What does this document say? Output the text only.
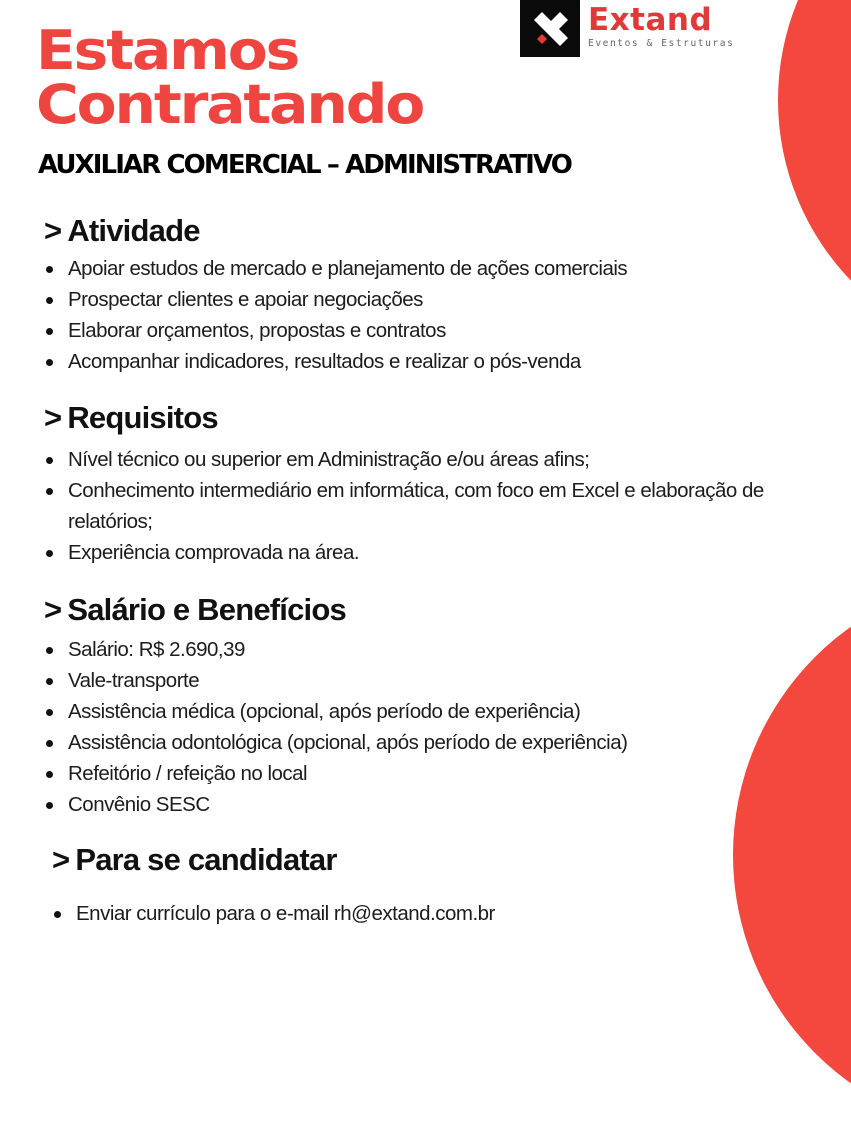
Extand
Eventos & Estruturas
Estamos
Contratando
AUXILIAR COMERCIAL – ADMINISTRATIVO
> Atividade
Apoiar estudos de mercado e planejamento de ações comerciais
Prospectar clientes e apoiar negociações
Elaborar orçamentos, propostas e contratos
Acompanhar indicadores, resultados e realizar o pós-venda
> Requisitos
Nível técnico ou superior em Administração e/ou áreas afins;
Conhecimento intermediário em informática, com foco em Excel e elaboração de relatórios;
Experiência comprovada na área.
> Salário e Benefícios
Salário: R$ 2.690,39
Vale-transporte
Assistência médica (opcional, após período de experiência)
Assistência odontológica (opcional, após período de experiência)
Refeitório / refeição no local
Convênio SESC
> Para se candidatar
Enviar currículo para o e-mail rh@extand.com.br
